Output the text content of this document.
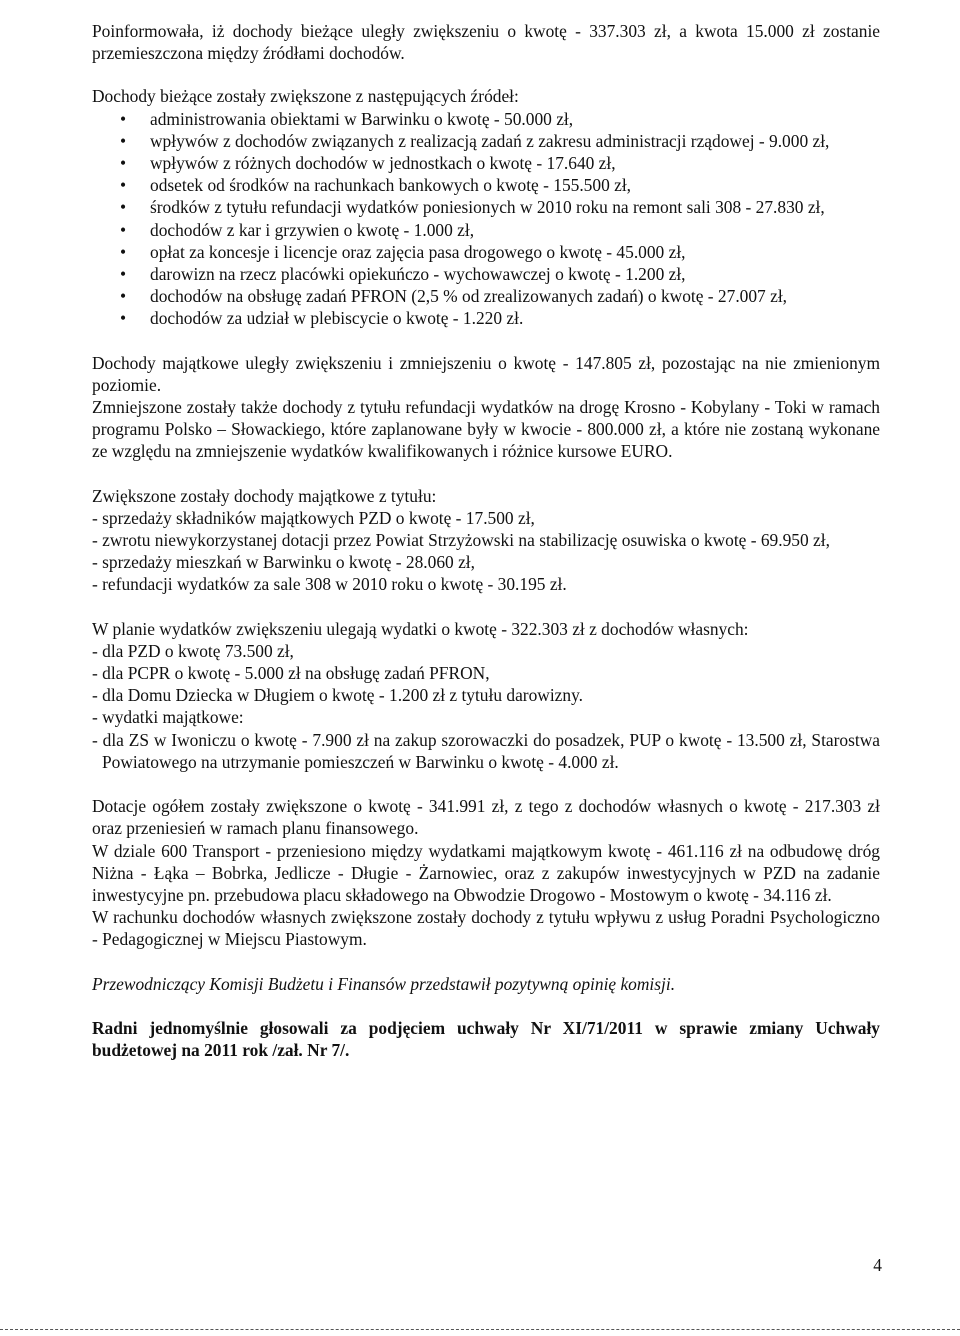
Poinformowała, iż dochody bieżące uległy zwiększeniu o kwotę - 337.303 zł, a kwota 15.000 zł zostanie przemieszczona między źródłami dochodów.

Dochody bieżące zostały zwiększone z następujących źródeł:

• administrowania obiektami w Barwinku o kwotę - 50.000 zł,
• wpływów z dochodów związanych z realizacją zadań z zakresu administracji rządowej - 9.000 zł,
• wpływów z różnych dochodów w jednostkach o kwotę - 17.640 zł,
• odsetek od środków na rachunkach bankowych o kwotę - 155.500 zł,
• środków z tytułu refundacji wydatków poniesionych w 2010 roku na remont sali 308 - 27.830 zł,
• dochodów z kar i grzywien o kwotę - 1.000 zł,
• opłat za koncesje i licencje oraz zajęcia pasa drogowego o kwotę - 45.000 zł,
• darowizn na rzecz placówki opiekuńczo - wychowawczej o kwotę - 1.200 zł,
• dochodów na obsługę zadań PFRON (2,5 % od zrealizowanych zadań) o kwotę - 27.007 zł,
• dochodów za udział w plebiscycie o kwotę - 1.220 zł.

Dochody majątkowe uległy zwiększeniu i zmniejszeniu o kwotę - 147.805 zł, pozostając na nie zmienionym poziomie.

Zmniejszone zostały także dochody z tytułu refundacji wydatków na drogę Krosno - Kobylany - Toki w ramach programu Polsko – Słowackiego, które zaplanowane były w kwocie - 800.000 zł, a które nie zostaną wykonane ze względu na zmniejszenie wydatków kwalifikowanych i różnice kursowe EURO.

Zwiększone zostały dochody majątkowe z tytułu:

- sprzedaży składników majątkowych PZD o kwotę - 17.500 zł,

- zwrotu niewykorzystanej dotacji przez Powiat Strzyżowski na stabilizację osuwiska o kwotę - 69.950 zł,

- sprzedaży mieszkań w Barwinku o kwotę - 28.060 zł,

- refundacji wydatków za sale 308 w 2010 roku o kwotę - 30.195 zł.

W planie wydatków zwiększeniu ulegają wydatki o kwotę - 322.303 zł z dochodów własnych:

- dla PZD o kwotę 73.500 zł,

- dla PCPR o kwotę - 5.000 zł na obsługę zadań PFRON,

- dla Domu Dziecka w Długiem o kwotę - 1.200 zł z tytułu darowizny.

- wydatki majątkowe:

- dla ZS w Iwoniczu o kwotę - 7.900 zł na zakup szorowaczki do posadzek, PUP o kwotę - 13.500 zł, Starostwa Powiatowego na utrzymanie pomieszczeń w Barwinku o kwotę - 4.000 zł.

Dotacje ogółem zostały zwiększone o kwotę - 341.991 zł, z tego z dochodów własnych o kwotę - 217.303 zł oraz przeniesień w ramach planu finansowego.

W dziale 600 Transport - przeniesiono między wydatkami majątkowym kwotę - 461.116 zł na odbudowę dróg Niżna - Łąka – Bobrka, Jedlicze - Długie - Żarnowiec, oraz z zakupów inwestycyjnych w PZD na zadanie inwestycyjne pn. przebudowa placu składowego na Obwodzie Drogowo - Mostowym o kwotę - 34.116 zł.

W rachunku dochodów własnych zwiększone zostały dochody z tytułu wpływu z usług Poradni Psychologiczno - Pedagogicznej w Miejscu Piastowym.

Przewodniczący Komisji Budżetu i Finansów przedstawił pozytywną opinię komisji.

Radni jednomyślnie głosowali za podjęciem uchwały Nr XI/71/2011 w sprawie zmiany Uchwały budżetowej na 2011 rok /zał. Nr 7/.

4
